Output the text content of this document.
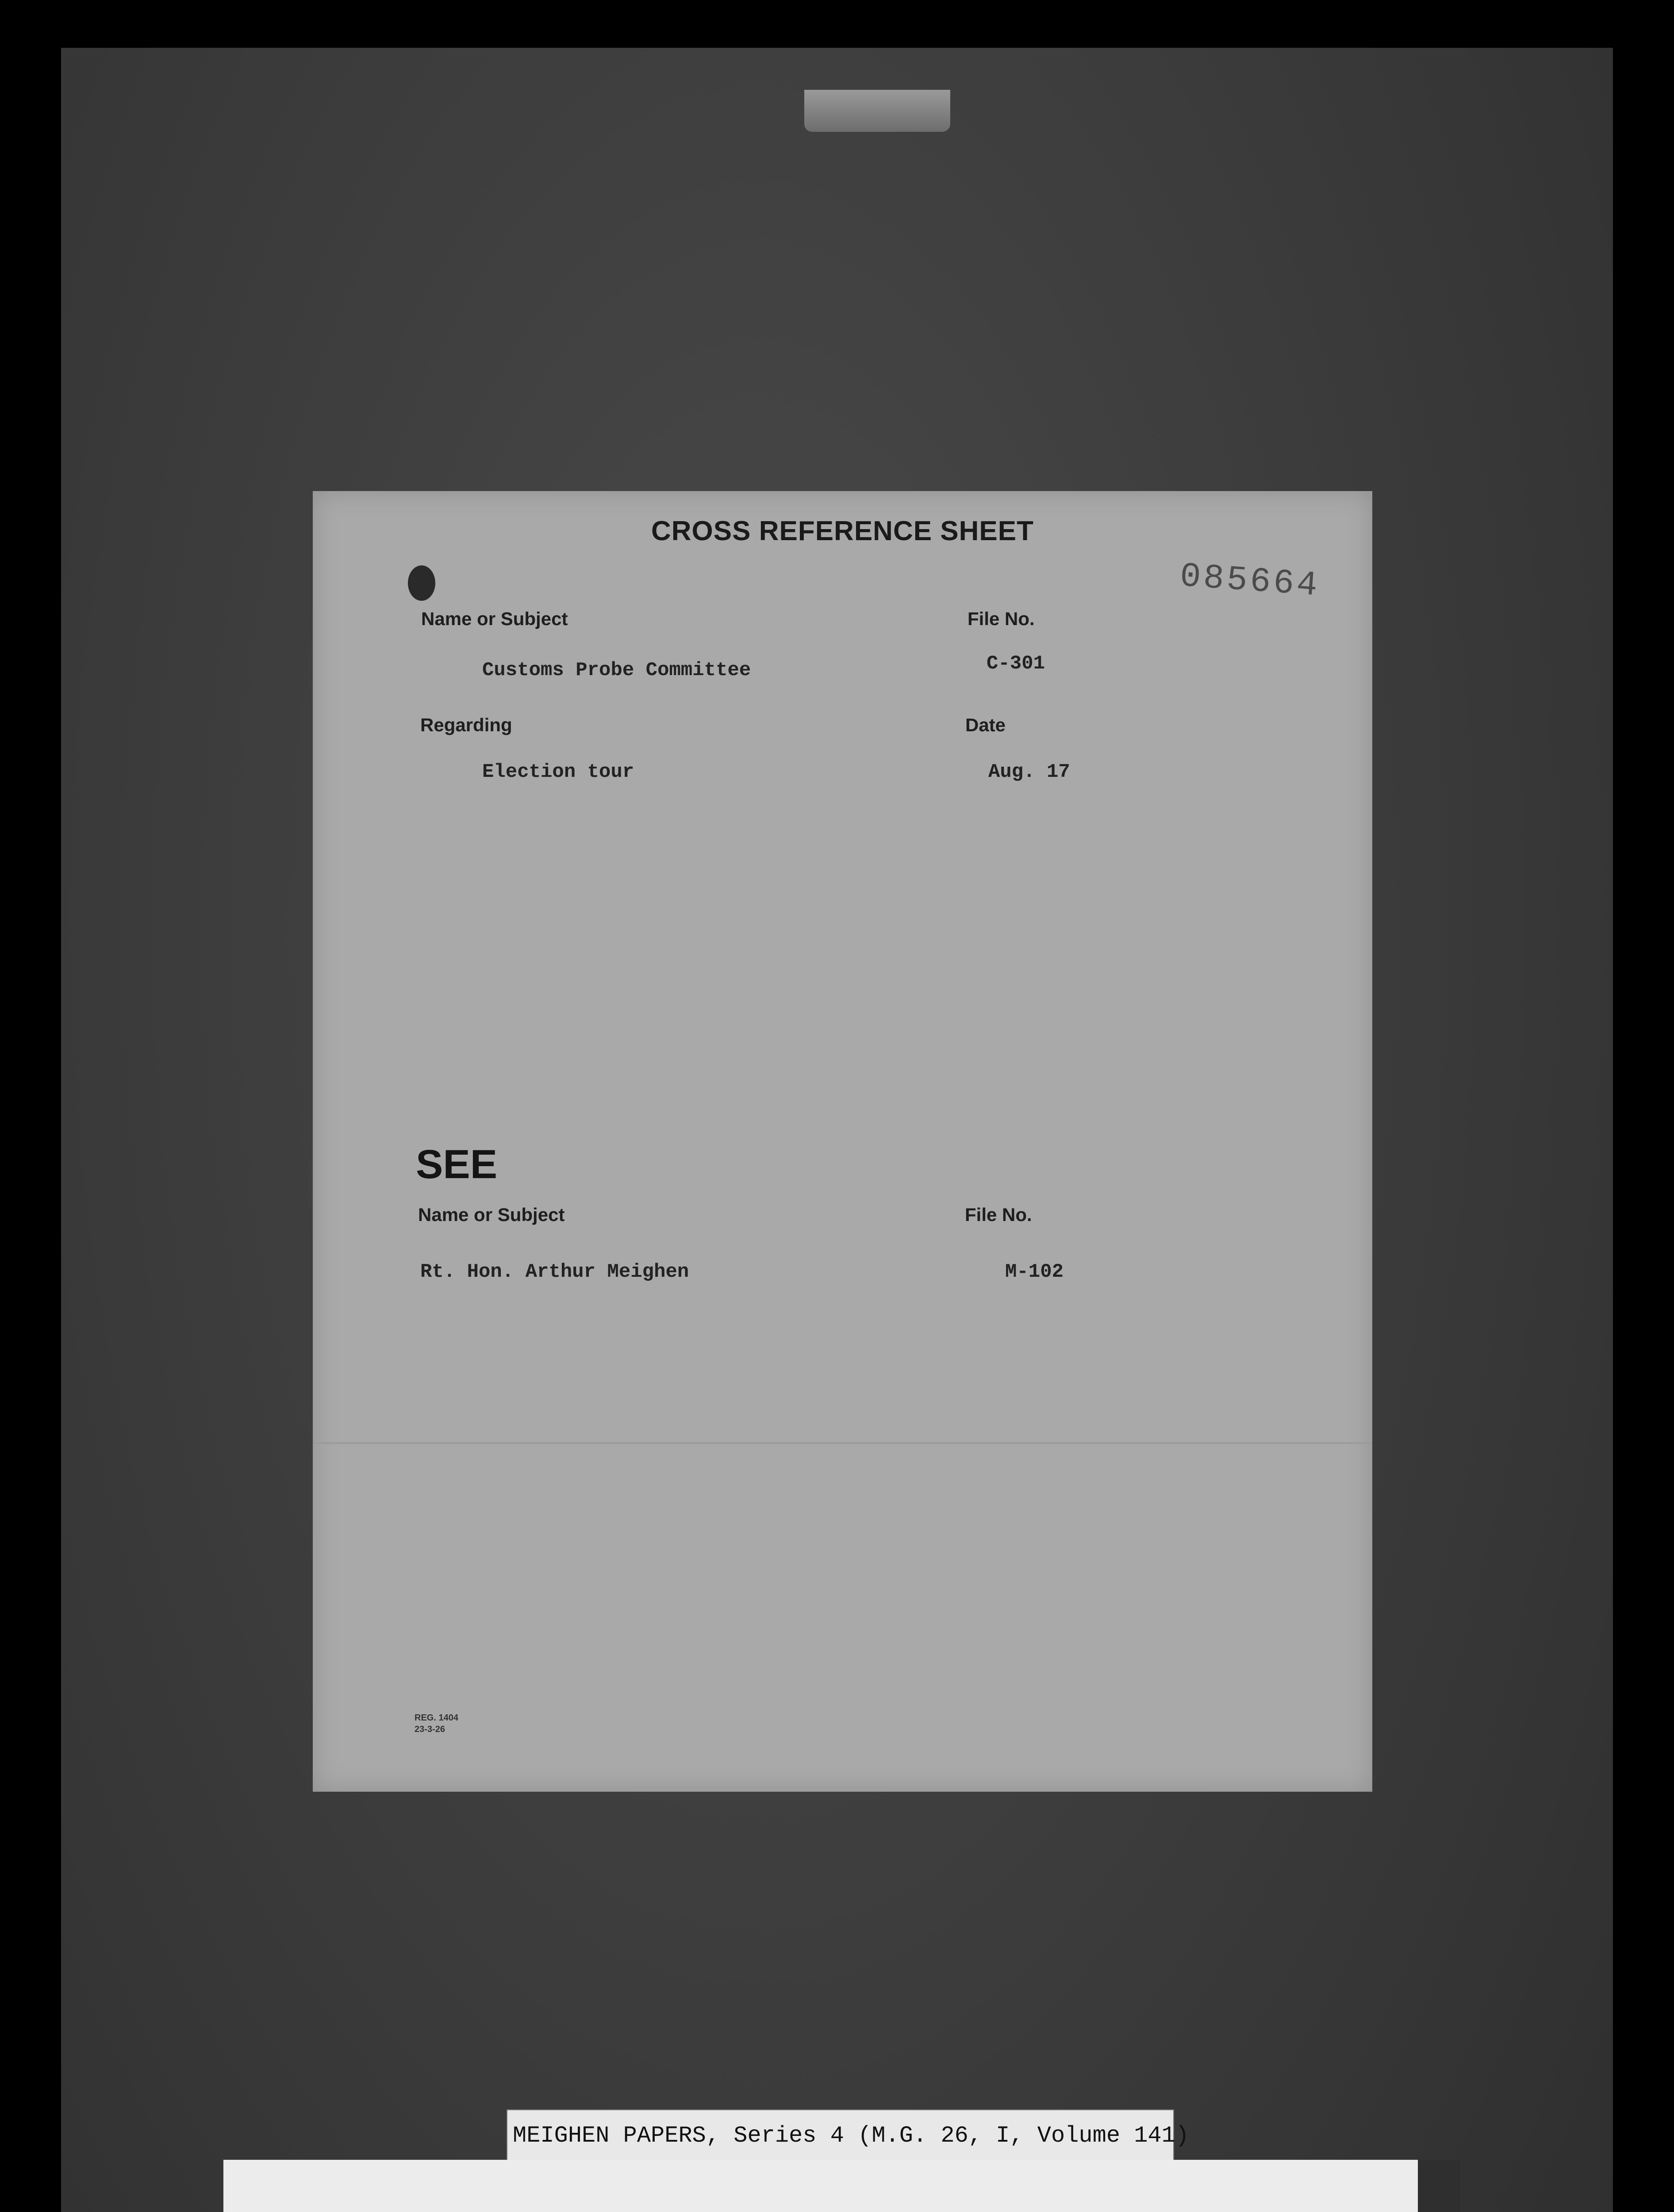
CROSS REFERENCE SHEET
085664
Name or Subject
Customs Probe Committee
File No.
C-301
Regarding
Election tour
Date
Aug. 17
SEE
Name or Subject	File No.
Rt. Hon. Arthur Meighen	M-102
REG. 1404
23-3-26
MEIGHEN PAPERS, Series 4 (M.G. 26, I, Volume 141)
